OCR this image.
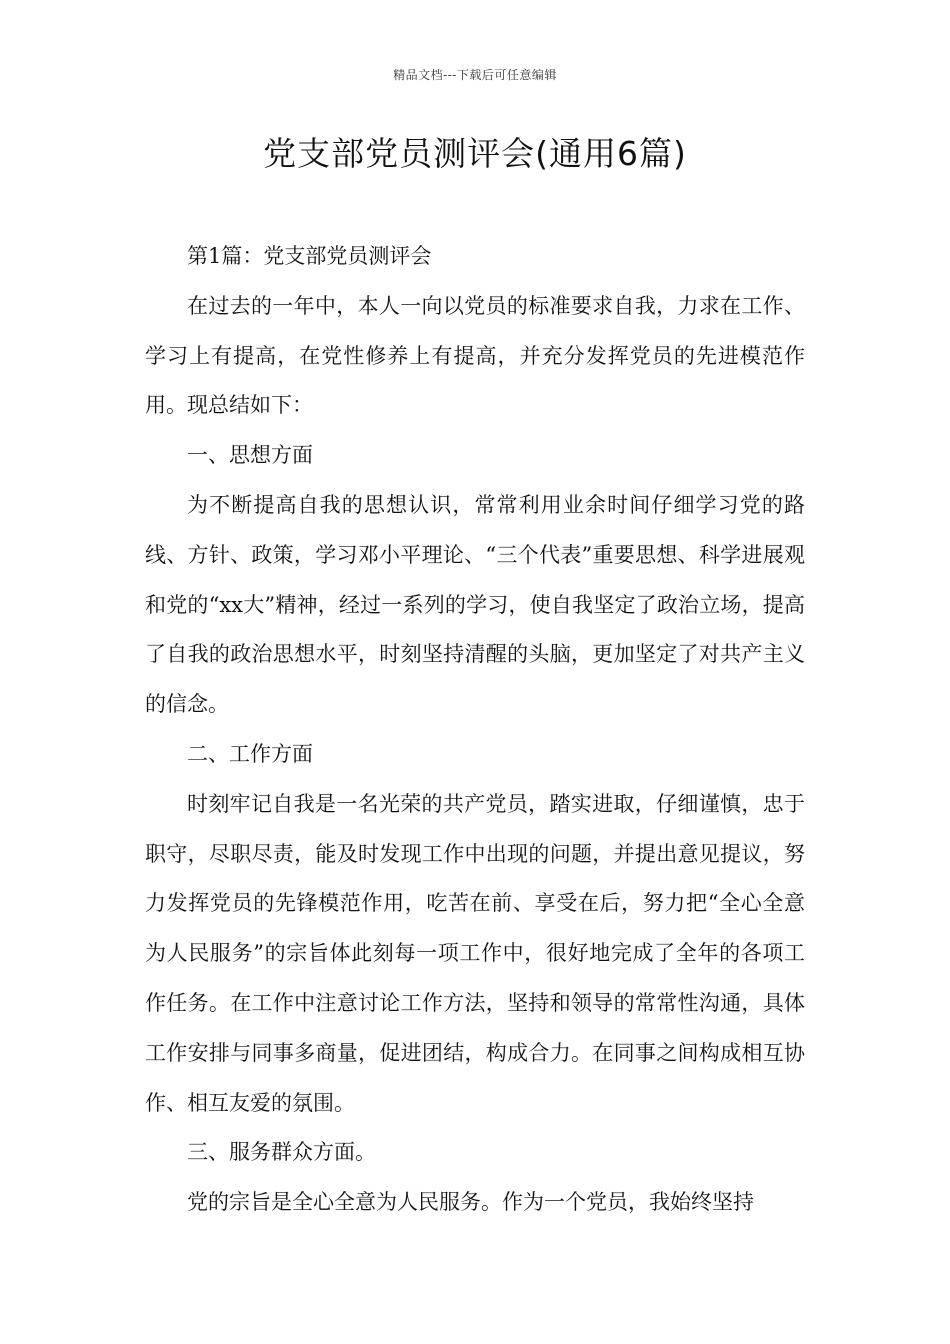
精品文档---下载后可任意编辑
党支部党员测评会(通用6篇)

第1篇：党支部党员测评会

在过去的一年中，本人一向以党员的标准要求自我，力求在工作、学习上有提高，在党性修养上有提高，并充分发挥党员的先进模范作用。现总结如下：

一、思想方面

为不断提高自我的思想认识，常常利用业余时间仔细学习党的路线、方针、政策，学习邓小平理论、“三个代表”重要思想、科学进展观和党的“xx大”精神，经过一系列的学习，使自我坚定了政治立场，提高了自我的政治思想水平，时刻坚持清醒的头脑，更加坚定了对共产主义的信念。

二、工作方面

时刻牢记自我是一名光荣的共产党员，踏实进取，仔细谨慎，忠于职守，尽职尽责，能及时发现工作中出现的问题，并提出意见提议，努力发挥党员的先锋模范作用，吃苦在前、享受在后，努力把“全心全意为人民服务”的宗旨体此刻每一项工作中，很好地完成了全年的各项工作任务。在工作中注意讨论工作方法，坚持和领导的常常性沟通，具体工作安排与同事多商量，促进团结，构成合力。在同事之间构成相互协作、相互友爱的氛围。

三、服务群众方面。

党的宗旨是全心全意为人民服务。作为一个党员，我始终坚持
